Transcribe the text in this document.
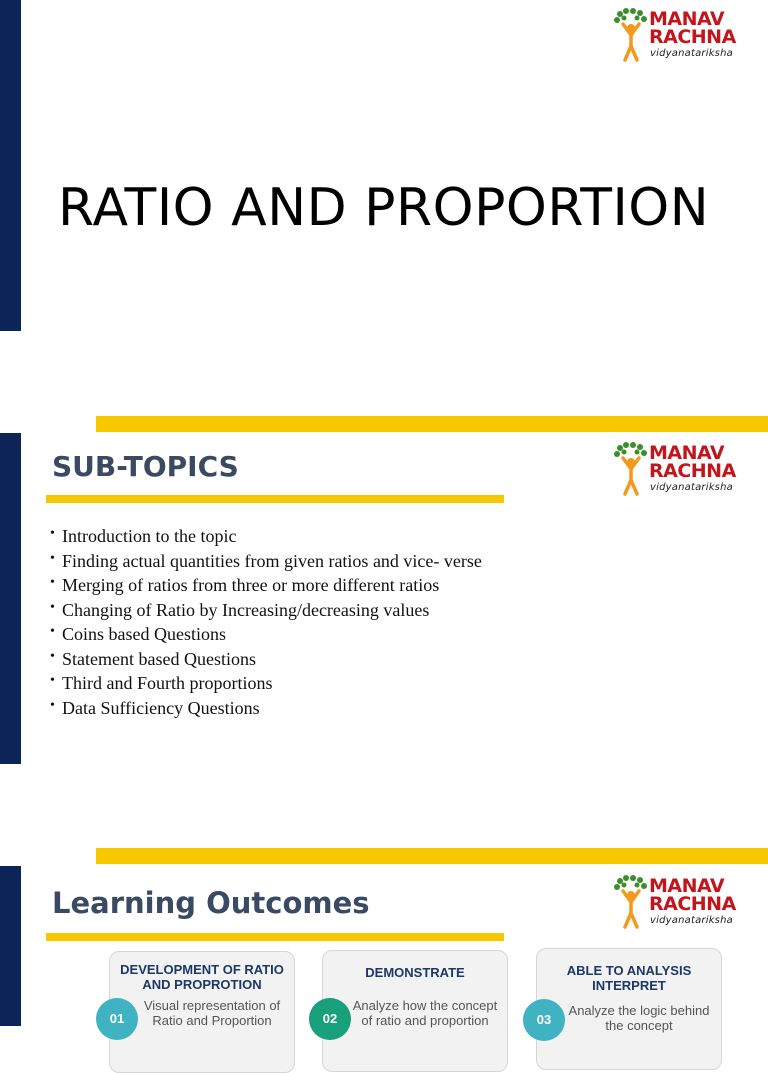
MANAV
RACHNA
vidyanatariksha
RATIO AND PROPORTION
SUB-TOPICS	MANAV
RACHNA
vidyanatariksha
• Introduction to the topic
• Finding actual quantities from given ratios and vice- verse
• Merging of ratios from three or more different ratios
• Changing of Ratio by Increasing/decreasing values
• Coins based Questions
• Statement based Questions
• Third and Fourth proportions
• Data Sufficiency Questions
Learning Outcomes	MANAV
RACHNA
vidyanatariksha
DEVELOPMENT OF RATIO AND PROPROTION
Visual representation of Ratio and Proportion
01
DEMONSTRATE
Analyze how the concept of ratio and proportion
02
ABLE TO ANALYSIS INTERPRET
Analyze the logic behind the concept
03
